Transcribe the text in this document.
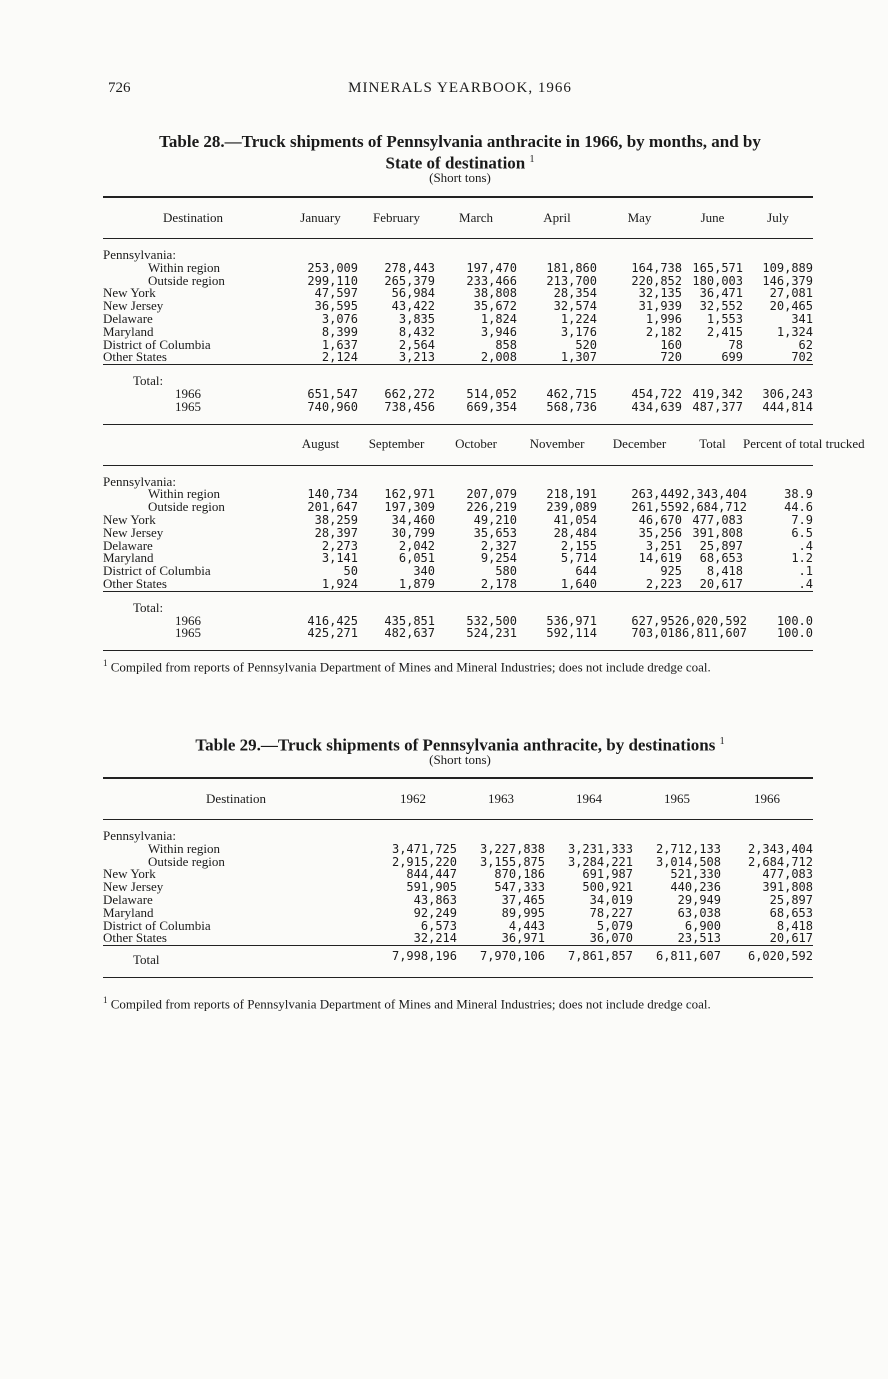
726	MINERALS YEARBOOK, 1966
Table 28.—Truck shipments of Pennsylvania anthracite in 1966, by months, and by
State of destination $^1$
(Short tons)
Destination	January	February	March	April	May	June	July

Pennsylvania:							
Within region	253,009	278,443	197,470	181,860	164,738	165,571	109,889
Outside region	299,110	265,379	233,466	213,700	220,852	180,003	146,379
New York	47,597	56,984	38,808	28,354	32,135	36,471	27,081
New Jersey	36,595	43,422	35,672	32,574	31,939	32,552	20,465
Delaware	3,076	3,835	1,824	1,224	1,996	1,553	341
Maryland	8,399	8,432	3,946	3,176	2,182	2,415	1,324
District of Columbia	1,637	2,564	858	520	160	78	62
Other States	2,124	3,213	2,008	1,307	720	699	702

Total:							
1966	651,547	662,272	514,052	462,715	454,722	419,342	306,243
1965	740,960	738,456	669,354	568,736	434,639	487,377	444,814

	August	September	October	November	December	Total	Percent of total trucked

Pennsylvania:							
Within region	140,734	162,971	207,079	218,191	263,449	2,343,404	38.9
Outside region	201,647	197,309	226,219	239,089	261,559	2,684,712	44.6
New York	38,259	34,460	49,210	41,054	46,670	477,083	7.9
New Jersey	28,397	30,799	35,653	28,484	35,256	391,808	6.5
Delaware	2,273	2,042	2,327	2,155	3,251	25,897	.4
Maryland	3,141	6,051	9,254	5,714	14,619	68,653	1.2
District of Columbia	50	340	580	644	925	8,418	.1
Other States	1,924	1,879	2,178	1,640	2,223	20,617	.4

Total:							
1966	416,425	435,851	532,500	536,971	627,952	6,020,592	100.0
1965	425,271	482,637	524,231	592,114	703,018	6,811,607	100.0

$^1$ Compiled from reports of Pennsylvania Department of Mines and Mineral Industries; does not include dredge coal.
Table 29.—Truck shipments of Pennsylvania anthracite, by destinations $^1$
(Short tons)
Destination	1962	1963	1964	1965	1966

Pennsylvania:					
Within region	3,471,725	3,227,838	3,231,333	2,712,133	2,343,404
Outside region	2,915,220	3,155,875	3,284,221	3,014,508	2,684,712
New York	844,447	870,186	691,987	521,330	477,083
New Jersey	591,905	547,333	500,921	440,236	391,808
Delaware	43,863	37,465	34,019	29,949	25,897
Maryland	92,249	89,995	78,227	63,038	68,653
District of Columbia	6,573	4,443	5,079	6,900	8,418
Other States	32,214	36,971	36,070	23,513	20,617
Total	7,998,196	7,970,106	7,861,857	6,811,607	6,020,592

$^1$ Compiled from reports of Pennsylvania Department of Mines and Mineral Industries; does not include dredge coal.
